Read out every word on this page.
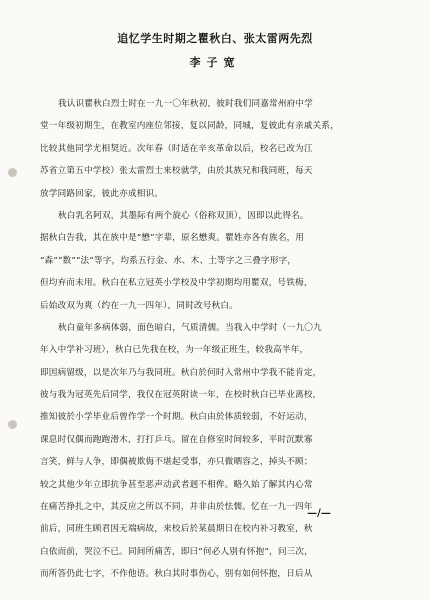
追忆学生时期之瞿秋白、张太雷两先烈
李子宽
我认识瞿秋白烈士时在一九一〇年秋初，彼时我们同嘉常州府中学
堂一年级初期生，在教室内座位邻接，复以同龄，同城，复彼此有亲戚关系，
比较其他同学尤相契近。次年春（时适在辛亥革命以后，校名已改为江
苏省立第五中学校）张太雷烈士来校就学，由於其族兄和我同班，每天
放学同路回家，彼此亦成相识。
秋白乳名阿双，其墨际有两个旋心（俗称双顶），因即以此得名。
据秋白告我，其在族中是“懋”字辈，原名懋爽。瞿姓亦各有族名，用
“森”“数”“法”等字，均系五行金、水、木、土等字之三叠字形字，
但均弃而未用。秋白在私立冠英小学校及中学初期均用瞿双，号铁梅，
后始改双为爽（约在一九一四年），同时改号秋白。
秋白童年多病体弱，面色暗白，气质清儒。当我入中学时（一九〇九
年入中学补习班），秋白已先我在校，为一年级正班生，较我高半年，
即因病留级，以是次年乃与我同班。秋白於何时入常州中学我不能肯定，
彼与我为冠英先后同学，我仅在冠英附读一年，在校时秋白已毕业离校，
推知彼於小学毕业后曾作学一个时期。秋白由於体质较弱，不好运动，
课息时仅偶而跑跑滑木，打打乒乓。留在自修室时间较多，平时沉默寡
言笑，鲜与人争，即偶被欺侮不堪起受事，亦只微晒容之，掉头不顾；
较之其他少年立即抗争甚至恶声动武者迥不相侔。略久始了解其内心常
在痛苦挣扎之中，其反应之所以不同，并非由於怯懦。忆在一九一四年
前后，同班生顾君因无端病故，来校后於某晨期日在校内补习教室，秋
白依而前，哭泣不已。同间所痛苦，即曰“何必人别有怀抱”，问三次，
而所答仍此七字，不作他语。秋白其时事伤心，别有如何怀抱，日后从
—/—
